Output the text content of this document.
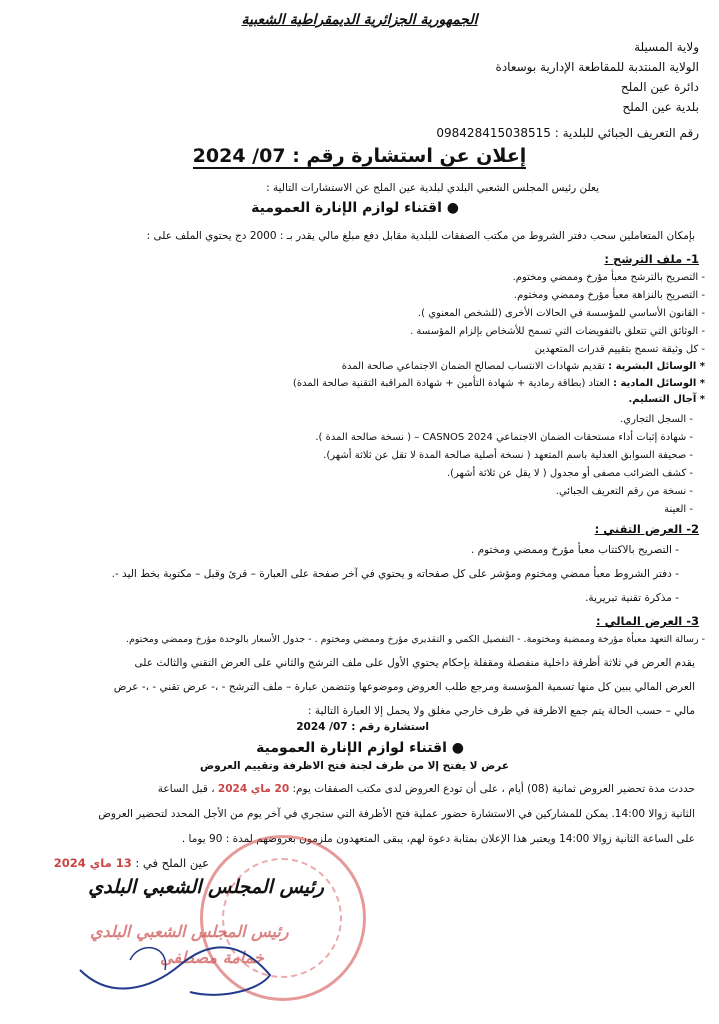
الجمهورية الجزائرية الديمقراطية الشعبية
ولاية المسيلة
الولاية المنتدبة للمقاطعة الإدارية بوسعادة
دائرة عين الملح
بلدية عين الملح
رقم التعريف الجبائي للبلدية : 098428415038515
إعلان عن استشارة رقم : 07/ 2024
يعلن رئيس المجلس الشعبي البلدي لبلدية عين الملح عن الاستشارات التالية :
● اقتناء لوازم الإنارة العمومية
بإمكان المتعاملين سحب دفتر الشروط من مكتب الصفقات للبلدية مقابل دفع مبلغ مالي يقدر بـ : 2000 دج يحتوي الملف على :
1- ملف الترشح :
- التصريح بالترشح معبأ مؤرخ وممضي ومختوم.
- التصريح بالنزاهة معبأ مؤرخ وممضي ومختوم.
- القانون الأساسي للمؤسسة في الحالات الأخرى (للشخص المعنوي ).
- الوثائق التي تتعلق بالتفويضات التي تسمح للأشخاص بإلزام المؤسسة .
- كل وثيقة تسمح بتقييم قدرات المتعهدين
* الوسائل البشرية : تقديم شهادات الانتساب لمصالح الضمان الاجتماعي صالحة المدة
* الوسائل المادية : العتاد (بطاقة رمادية + شهادة التأمين + شهادة المراقبة التقنية صالحة المدة)
* آجال التسليم.
- السجل التجاري.
- شهادة إثبات أداء مستحقات الضمان الاجتماعي CASNOS 2024 – ( نسخة صالحة المدة ).
- صحيفة السوابق العدلية باسم المتعهد ( نسخة أصلية صالحة المدة لا تقل عن ثلاثة أشهر).
- كشف الضرائب مصفى أو مجدول ( لا يقل عن ثلاثة أشهر).
- نسخة من رقم التعريف الجبائي.
- العينة
2- العرض التقني :
- التصريح بالاكتتاب معبأ مؤرخ وممضي ومختوم .
- دفتر الشروط معبأ ممضي ومختوم ومؤشر على كل صفحاته و يحتوي في آخر صفحة على العبارة – قرئ وقبل – مكتوبة بخط اليد -.
- مذكرة تقنية تبريرية.
3- العرض المالي :
- رسالة التعهد معبأة مؤرخة وممضية ومختومة. - التفصيل الكمي و التقديري مؤرخ وممضي ومختوم . - جدول الأسعار بالوحدة مؤرخ وممضي ومختوم.
يقدم العرض في ثلاثة أظرفة داخلية منفصلة ومقفلة بإحكام يحتوي الأول على ملف الترشح والثاني على العرض التقني والثالث على
العرض المالي يبين كل منها تسمية المؤسسة ومرجع طلب العروض وموضوعها وتتضمن عبارة – ملف الترشح - ،- عرض تقني - ،- عرض
مالي – حسب الحالة يتم جمع الاظرفة في ظرف خارجي مغلق ولا يحمل إلا العبارة التالية :
استشارة رقم : 07/ 2024
● اقتناء لوازم الإنارة العمومية
عرض لا يفتح إلا من طرف لجنة فتح الاظرفة وتقييم العروض
حددت مدة تحضير العروض ثمانية (08) أيام ، على أن تودع العروض لدى مكتب الصفقات يوم: 20 ماي 2024 ، قبل الساعة
الثانية زوالا 14:00. يمكن للمشاركين في الاستشارة حضور عملية فتح الأظرفة التي ستجري في آخر يوم من الأجل المحدد لتحضير العروض
على الساعة الثانية زوالا 14:00 ويعتبر هذا الإعلان بمثابة دعوة لهم، يبقى المتعهدون ملزمون بعروضهم لمدة : 90 يوما .
عين الملح في : 13 ماي 2024
رئيس المجلس الشعبي البلدي
رئيس المجلس الشعبي البلدي
خمامة مصطفى
